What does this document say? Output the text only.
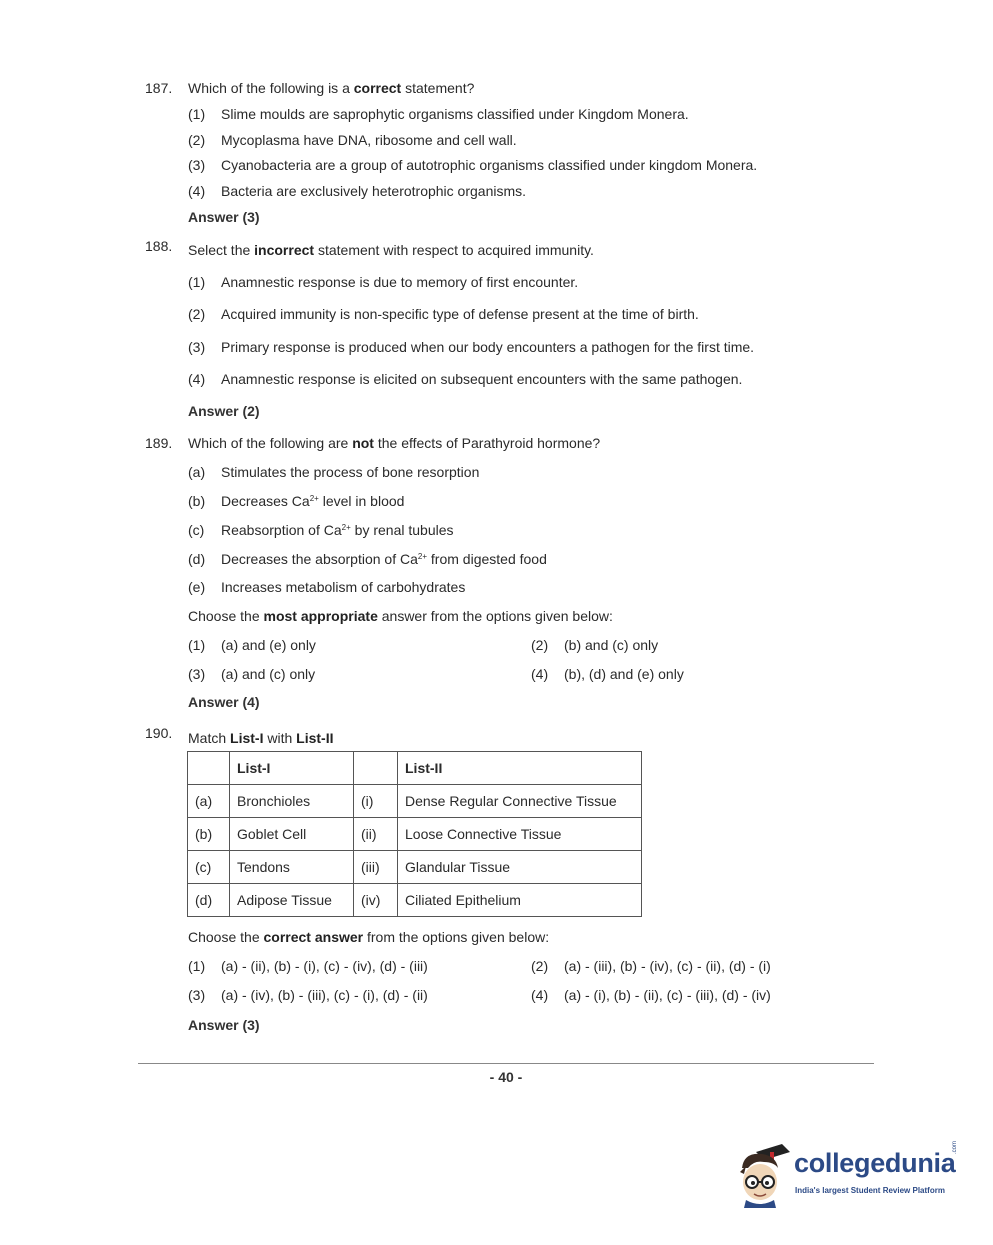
187. Which of the following is a correct statement?
(1) Slime moulds are saprophytic organisms classified under Kingdom Monera.
(2) Mycoplasma have DNA, ribosome and cell wall.
(3) Cyanobacteria are a group of autotrophic organisms classified under kingdom Monera.
(4) Bacteria are exclusively heterotrophic organisms.
Answer (3)
188. Select the incorrect statement with respect to acquired immunity.
(1) Anamnestic response is due to memory of first encounter.
(2) Acquired immunity is non-specific type of defense present at the time of birth.
(3) Primary response is produced when our body encounters a pathogen for the first time.
(4) Anamnestic response is elicited on subsequent encounters with the same pathogen.
Answer (2)
189. Which of the following are not the effects of Parathyroid hormone?
(a) Stimulates the process of bone resorption
(b) Decreases $Ca^{2+}$ level in blood
(c) Reabsorption of $Ca^{2+}$ by renal tubules
(d) Decreases the absorption of $Ca^{2+}$ from digested food
(e) Increases metabolism of carbohydrates
Choose the most appropriate answer from the options given below:
(1) (a) and (e) only	(2) (b) and (c) only
(3) (a) and (c) only	(4) (b), (d) and (e) only
Answer (4)
190. Match List-I with List-II
	List-I		List-II
(a)	Bronchioles	(i)	Dense Regular Connective Tissue
(b)	Goblet Cell	(ii)	Loose Connective Tissue
(c)	Tendons	(iii)	Glandular Tissue
(d)	Adipose Tissue	(iv)	Ciliated Epithelium
Choose the correct answer from the options given below:
(1) (a) - (ii), (b) - (i), (c) - (iv), (d) - (iii)	(2) (a) - (iii), (b) - (iv), (c) - (ii), (d) - (i)
(3) (a) - (iv), (b) - (iii), (c) - (i), (d) - (ii)	(4) (a) - (i), (b) - (ii), (c) - (iii), (d) - (iv)
Answer (3)
- 40 -
collegedunia
.com
India's largest Student Review Platform
